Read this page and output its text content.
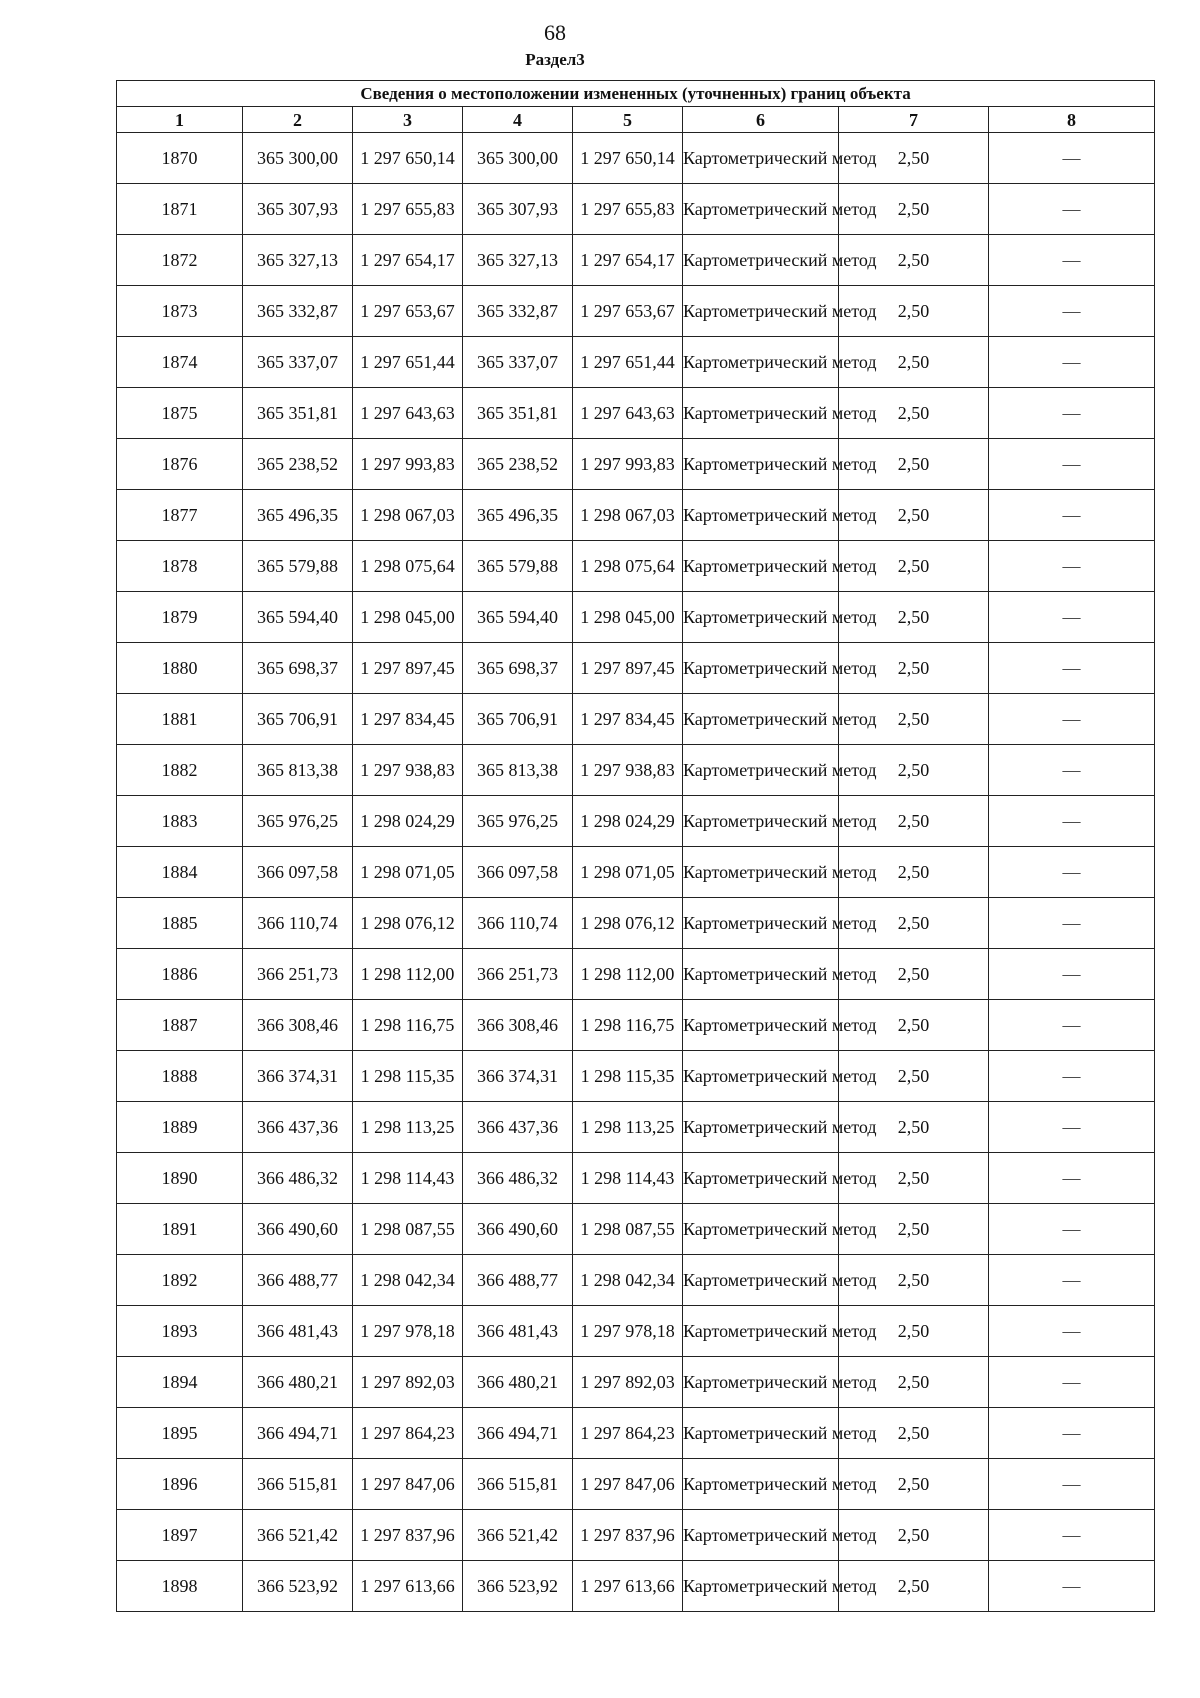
68
Раздел3
Сведения о местоположении измененных (уточненных) границ объекта							
1	2	3	4	5	6	7	8
1870	365 300,00	1 297 650,14	365 300,00	1 297 650,14	Картометрический метод	2,50	—
1871	365 307,93	1 297 655,83	365 307,93	1 297 655,83	Картометрический метод	2,50	—
1872	365 327,13	1 297 654,17	365 327,13	1 297 654,17	Картометрический метод	2,50	—
1873	365 332,87	1 297 653,67	365 332,87	1 297 653,67	Картометрический метод	2,50	—
1874	365 337,07	1 297 651,44	365 337,07	1 297 651,44	Картометрический метод	2,50	—
1875	365 351,81	1 297 643,63	365 351,81	1 297 643,63	Картометрический метод	2,50	—
1876	365 238,52	1 297 993,83	365 238,52	1 297 993,83	Картометрический метод	2,50	—
1877	365 496,35	1 298 067,03	365 496,35	1 298 067,03	Картометрический метод	2,50	—
1878	365 579,88	1 298 075,64	365 579,88	1 298 075,64	Картометрический метод	2,50	—
1879	365 594,40	1 298 045,00	365 594,40	1 298 045,00	Картометрический метод	2,50	—
1880	365 698,37	1 297 897,45	365 698,37	1 297 897,45	Картометрический метод	2,50	—
1881	365 706,91	1 297 834,45	365 706,91	1 297 834,45	Картометрический метод	2,50	—
1882	365 813,38	1 297 938,83	365 813,38	1 297 938,83	Картометрический метод	2,50	—
1883	365 976,25	1 298 024,29	365 976,25	1 298 024,29	Картометрический метод	2,50	—
1884	366 097,58	1 298 071,05	366 097,58	1 298 071,05	Картометрический метод	2,50	—
1885	366 110,74	1 298 076,12	366 110,74	1 298 076,12	Картометрический метод	2,50	—
1886	366 251,73	1 298 112,00	366 251,73	1 298 112,00	Картометрический метод	2,50	—
1887	366 308,46	1 298 116,75	366 308,46	1 298 116,75	Картометрический метод	2,50	—
1888	366 374,31	1 298 115,35	366 374,31	1 298 115,35	Картометрический метод	2,50	—
1889	366 437,36	1 298 113,25	366 437,36	1 298 113,25	Картометрический метод	2,50	—
1890	366 486,32	1 298 114,43	366 486,32	1 298 114,43	Картометрический метод	2,50	—
1891	366 490,60	1 298 087,55	366 490,60	1 298 087,55	Картометрический метод	2,50	—
1892	366 488,77	1 298 042,34	366 488,77	1 298 042,34	Картометрический метод	2,50	—
1893	366 481,43	1 297 978,18	366 481,43	1 297 978,18	Картометрический метод	2,50	—
1894	366 480,21	1 297 892,03	366 480,21	1 297 892,03	Картометрический метод	2,50	—
1895	366 494,71	1 297 864,23	366 494,71	1 297 864,23	Картометрический метод	2,50	—
1896	366 515,81	1 297 847,06	366 515,81	1 297 847,06	Картометрический метод	2,50	—
1897	366 521,42	1 297 837,96	366 521,42	1 297 837,96	Картометрический метод	2,50	—
1898	366 523,92	1 297 613,66	366 523,92	1 297 613,66	Картометрический метод	2,50	—
